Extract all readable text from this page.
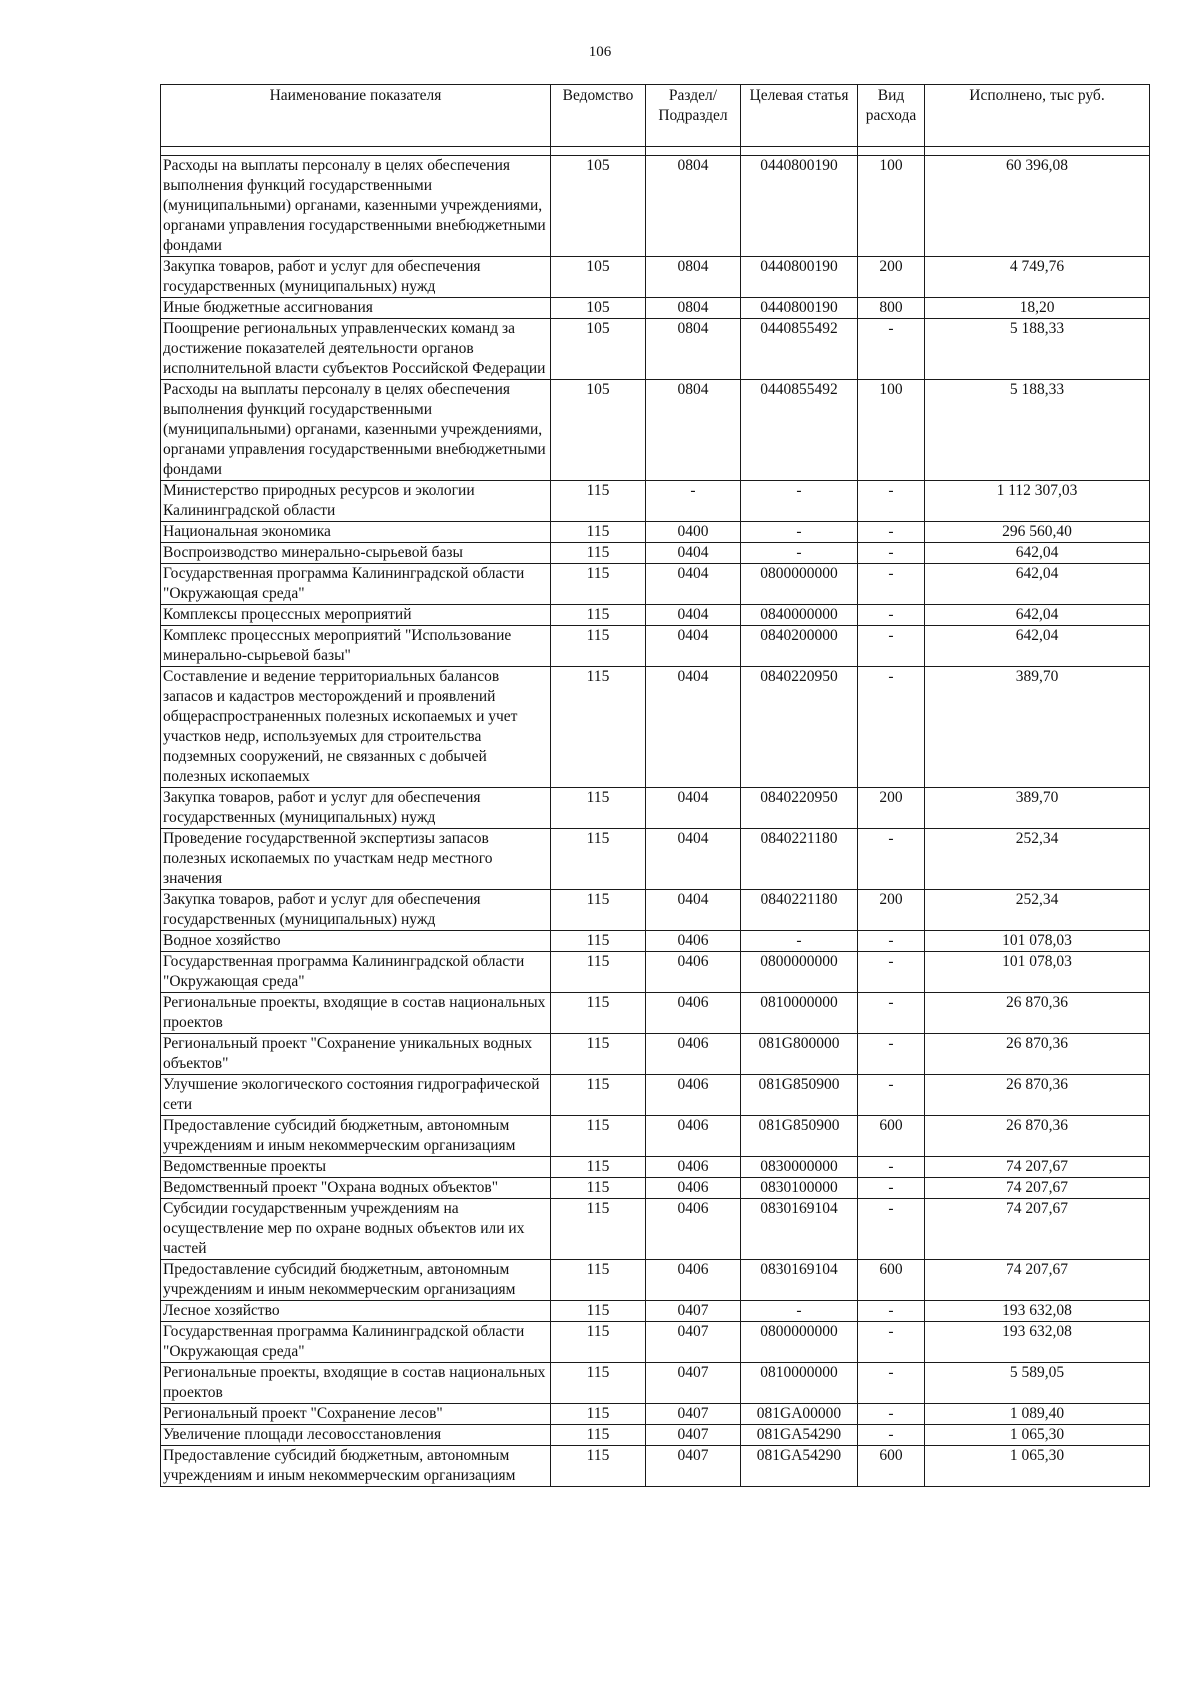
106
Наименование показателя	Ведомство	Раздел/ Подраздел	Целевая статья	Вид расхода	Исполнено, тыс руб.

Расходы на выплаты персоналу в целях обеспечения выполнения функций государственными (муниципальными) органами, казенными учреждениями, органами управления государственными внебюджетными фондами	105	0804	0440800190	100	60 396,08
Закупка товаров, работ и услуг для обеспечения государственных (муниципальных) нужд	105	0804	0440800190	200	4 749,76
Иные бюджетные ассигнования	105	0804	0440800190	800	18,20
Поощрение региональных управленческих команд за достижение показателей деятельности органов исполнительной власти субъектов Российской Федерации	105	0804	0440855492	-	5 188,33
Расходы на выплаты персоналу в целях обеспечения выполнения функций государственными (муниципальными) органами, казенными учреждениями, органами управления государственными внебюджетными фондами	105	0804	0440855492	100	5 188,33
Министерство природных ресурсов и экологии Калининградской области	115	-	-	-	1 112 307,03
Национальная экономика	115	0400	-	-	296 560,40
Воспроизводство минерально-сырьевой базы	115	0404	-	-	642,04
Государственная программа Калининградской области "Окружающая среда"	115	0404	0800000000	-	642,04
Комплексы процессных мероприятий	115	0404	0840000000	-	642,04
Комплекс процессных мероприятий "Использование минерально-сырьевой базы"	115	0404	0840200000	-	642,04
Составление и ведение территориальных балансов запасов и кадастров месторождений и проявлений общераспространенных полезных ископаемых и учет участков недр, используемых для строительства подземных сооружений, не связанных с добычей полезных ископаемых	115	0404	0840220950	-	389,70
Закупка товаров, работ и услуг для обеспечения государственных (муниципальных) нужд	115	0404	0840220950	200	389,70
Проведение государственной экспертизы запасов полезных ископаемых по участкам недр местного значения	115	0404	0840221180	-	252,34
Закупка товаров, работ и услуг для обеспечения государственных (муниципальных) нужд	115	0404	0840221180	200	252,34
Водное хозяйство	115	0406	-	-	101 078,03
Государственная программа Калининградской области "Окружающая среда"	115	0406	0800000000	-	101 078,03
Региональные проекты, входящие в состав национальных проектов	115	0406	0810000000	-	26 870,36
Региональный проект "Сохранение уникальных водных объектов"	115	0406	081G800000	-	26 870,36
Улучшение экологического состояния гидрографической сети	115	0406	081G850900	-	26 870,36
Предоставление субсидий бюджетным, автономным учреждениям и иным некоммерческим организациям	115	0406	081G850900	600	26 870,36
Ведомственные проекты	115	0406	0830000000	-	74 207,67
Ведомственный проект "Охрана водных объектов"	115	0406	0830100000	-	74 207,67
Субсидии государственным учреждениям на осуществление мер по охране водных объектов или их частей	115	0406	0830169104	-	74 207,67
Предоставление субсидий бюджетным, автономным учреждениям и иным некоммерческим организациям	115	0406	0830169104	600	74 207,67
Лесное хозяйство	115	0407	-	-	193 632,08
Государственная программа Калининградской области "Окружающая среда"	115	0407	0800000000	-	193 632,08
Региональные проекты, входящие в состав национальных проектов	115	0407	0810000000	-	5 589,05
Региональный проект "Сохранение лесов"	115	0407	081GA00000	-	1 089,40
Увеличение площади лесовосстановления	115	0407	081GA54290	-	1 065,30
Предоставление субсидий бюджетным, автономным учреждениям и иным некоммерческим организациям	115	0407	081GA54290	600	1 065,30
